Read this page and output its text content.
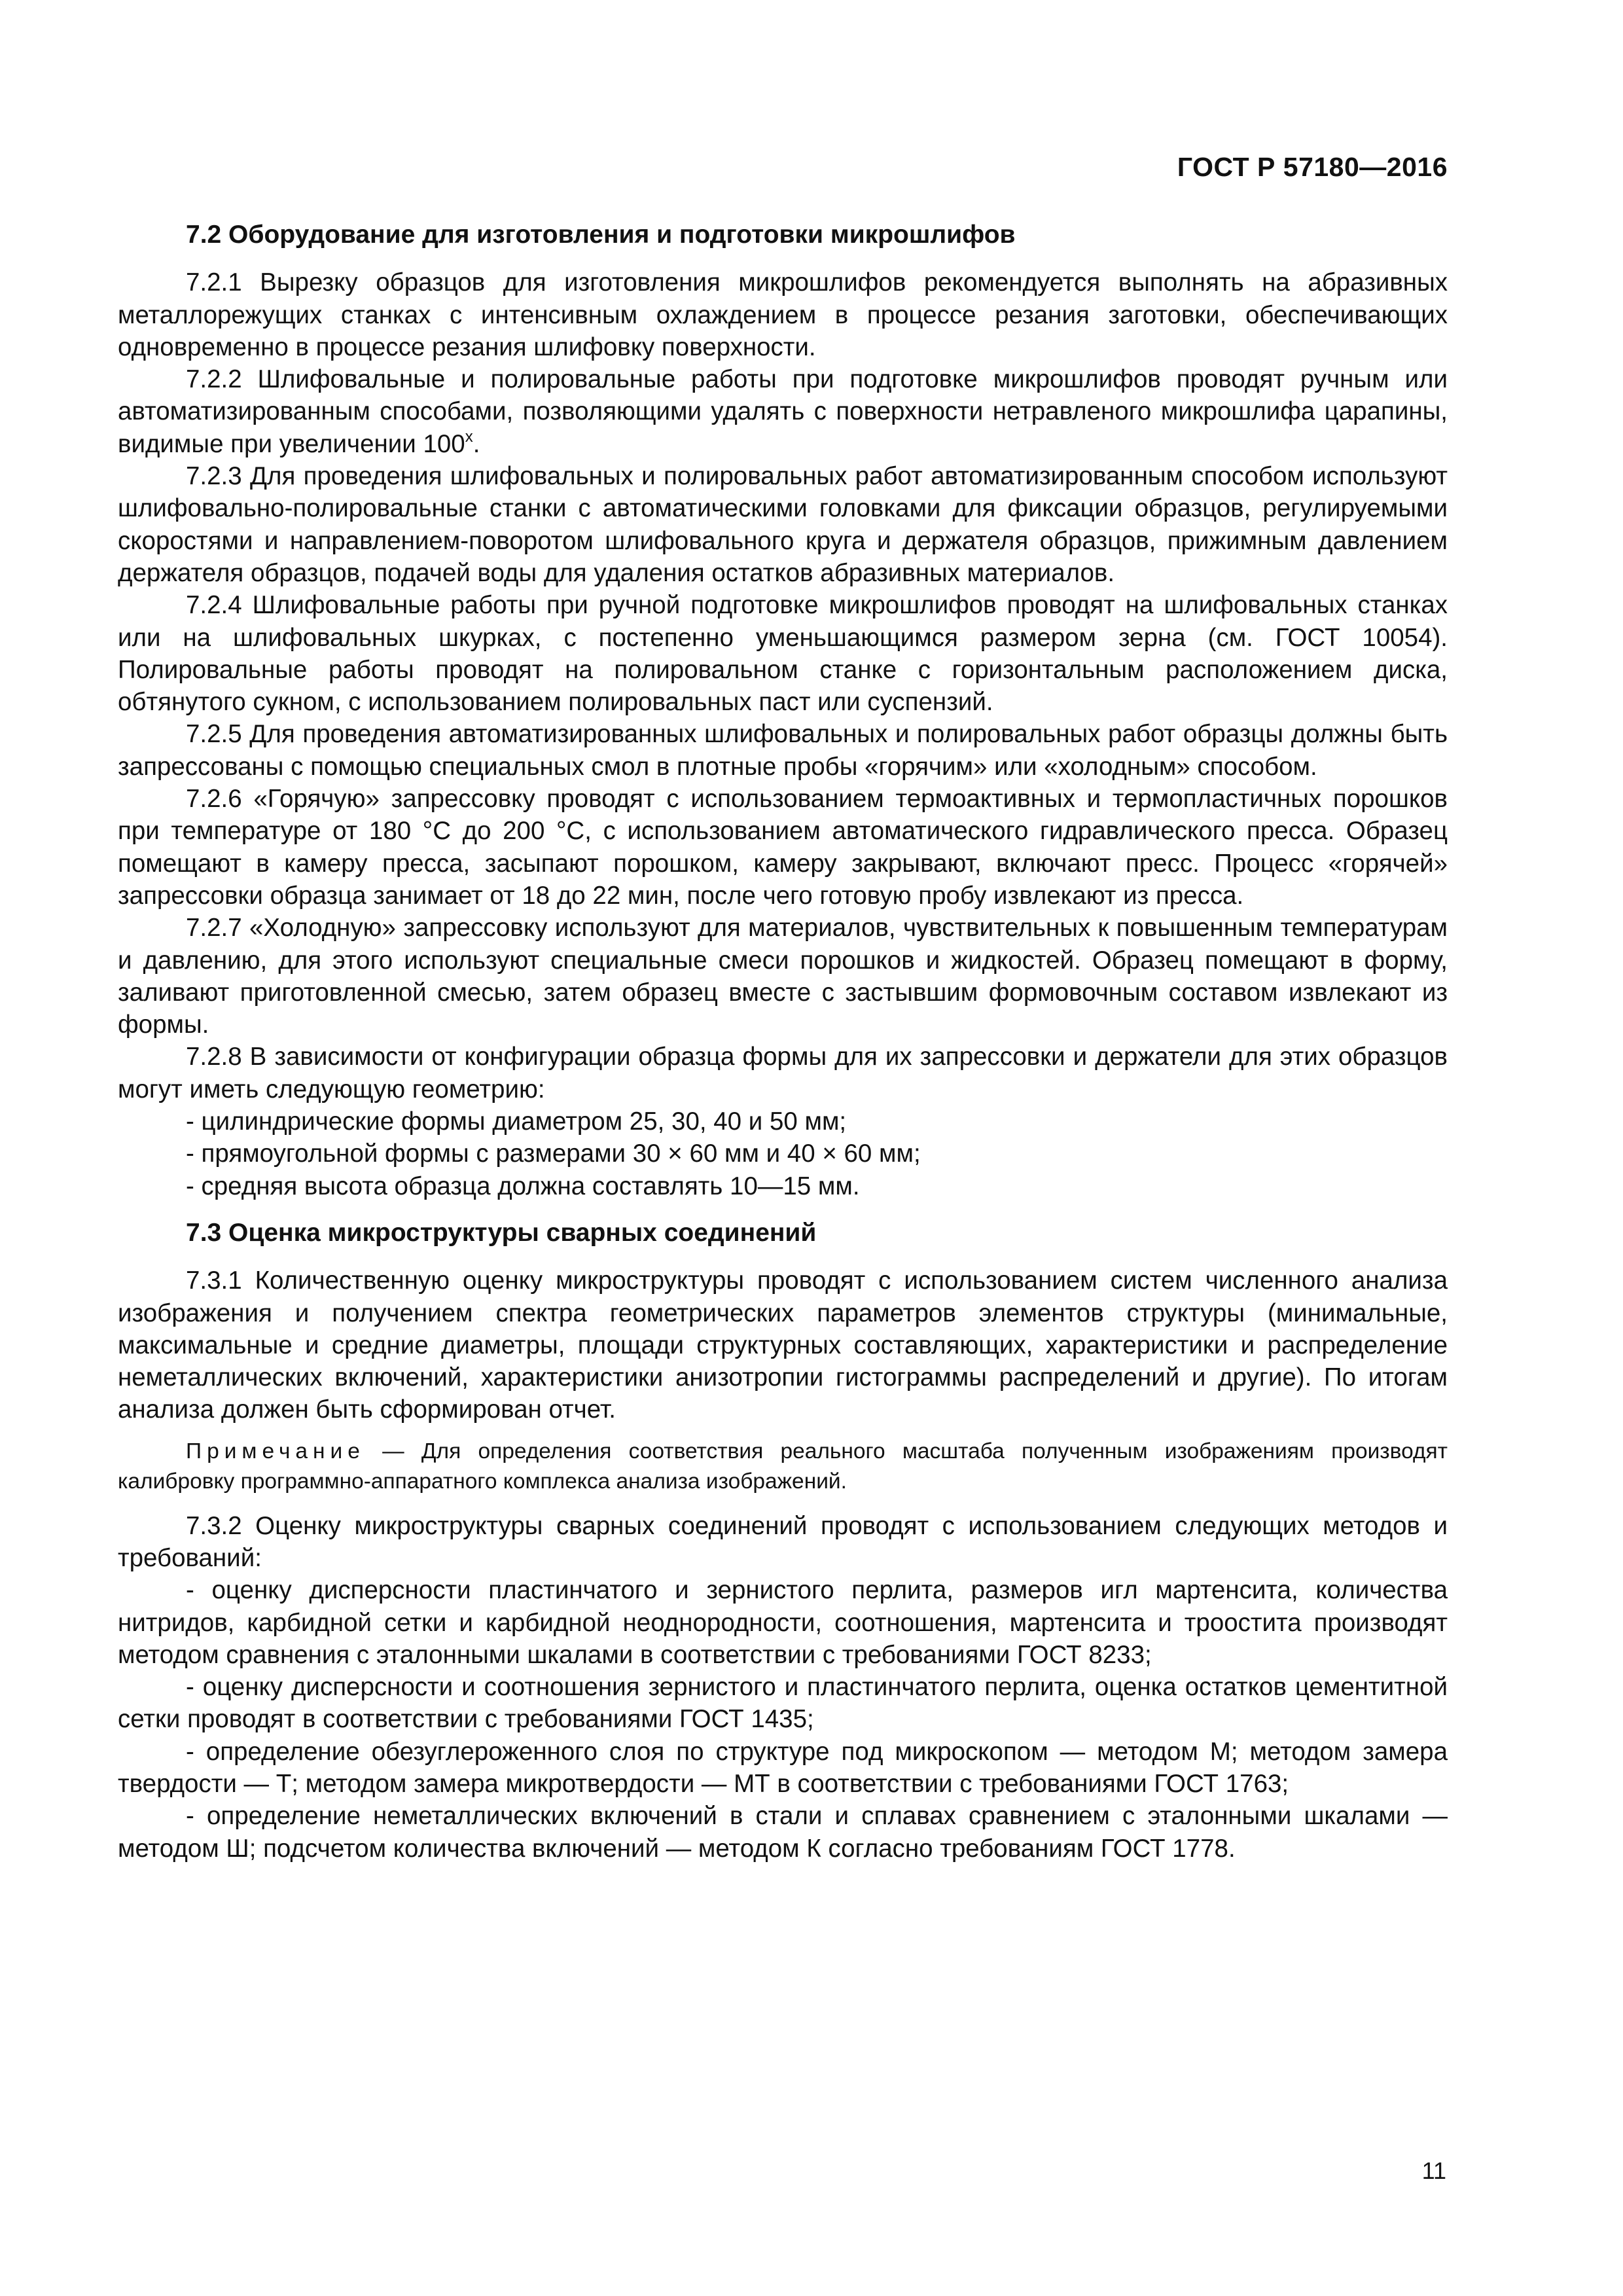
ГОСТ Р 57180—2016
7.2 Оборудование для изготовления и подготовки микрошлифов

7.2.1 Вырезку образцов для изготовления микрошлифов рекомендуется выполнять на абразивных металлорежущих станках с интенсивным охлаждением в процессе резания заготовки, обеспечивающих одновременно в процессе резания шлифовку поверхности.

7.2.2 Шлифовальные и полировальные работы при подготовке микрошлифов проводят ручным или автоматизированным способами, позволяющими удалять с поверхности нетравленого микрошлифа царапины, видимые при увеличении $100^х$.

7.2.3 Для проведения шлифовальных и полировальных работ автоматизированным способом используют шлифовально-полировальные станки с автоматическими головками для фиксации образцов, регулируемыми скоростями и направлением-поворотом шлифовального круга и держателя образцов, прижимным давлением держателя образцов, подачей воды для удаления остатков абразивных материалов.

7.2.4 Шлифовальные работы при ручной подготовке микрошлифов проводят на шлифовальных станках или на шлифовальных шкурках, с постепенно уменьшающимся размером зерна (см. ГОСТ 10054). Полировальные работы проводят на полировальном станке с горизонтальным расположением диска, обтянутого сукном, с использованием полировальных паст или суспензий.

7.2.5 Для проведения автоматизированных шлифовальных и полировальных работ образцы должны быть запрессованы с помощью специальных смол в плотные пробы «горячим» или «холодным» способом.

7.2.6 «Горячую» запрессовку проводят с использованием термоактивных и термопластичных порошков при температуре от 180 °С до 200 °С, с использованием автоматического гидравлического пресса. Образец помещают в камеру пресса, засыпают порошком, камеру закрывают, включают пресс. Процесс «горячей» запрессовки образца занимает от 18 до 22 мин, после чего готовую пробу извлекают из пресса.

7.2.7 «Холодную» запрессовку используют для материалов, чувствительных к повышенным температурам и давлению, для этого используют специальные смеси порошков и жидкостей. Образец помещают в форму, заливают приготовленной смесью, затем образец вместе с застывшим формовочным составом извлекают из формы.

7.2.8 В зависимости от конфигурации образца формы для их запрессовки и держатели для этих образцов могут иметь следующую геометрию:

- цилиндрические формы диаметром 25, 30, 40 и 50 мм;

- прямоугольной формы с размерами 30 × 60 мм и 40 × 60 мм;

- средняя высота образца должна составлять 10—15 мм.

7.3 Оценка микроструктуры сварных соединений

7.3.1 Количественную оценку микроструктуры проводят с использованием систем численного анализа изображения и получением спектра геометрических параметров элементов структуры (минимальные, максимальные и средние диаметры, площади структурных составляющих, характеристики и распределение неметаллических включений, характеристики анизотропии гистограммы распределений и другие). По итогам анализа должен быть сформирован отчет.

Примечание — Для определения соответствия реального масштаба полученным изображениям производят калибровку программно-аппаратного комплекса анализа изображений.

7.3.2 Оценку микроструктуры сварных соединений проводят с использованием следующих методов и требований:

- оценку дисперсности пластинчатого и зернистого перлита, размеров игл мартенсита, количества нитридов, карбидной сетки и карбидной неоднородности, соотношения, мартенсита и троостита производят методом сравнения с эталонными шкалами в соответствии с требованиями ГОСТ 8233;

- оценку дисперсности и соотношения зернистого и пластинчатого перлита, оценка остатков цементитной сетки проводят в соответствии с требованиями ГОСТ 1435;

- определение обезуглероженного слоя по структуре под микроскопом — методом М; методом замера твердости — Т; методом замера микротвердости — МТ в соответствии с требованиями ГОСТ 1763;

- определение неметаллических включений в стали и сплавах сравнением с эталонными шкалами — методом Ш; подсчетом количества включений — методом К согласно требованиям ГОСТ 1778.

11
